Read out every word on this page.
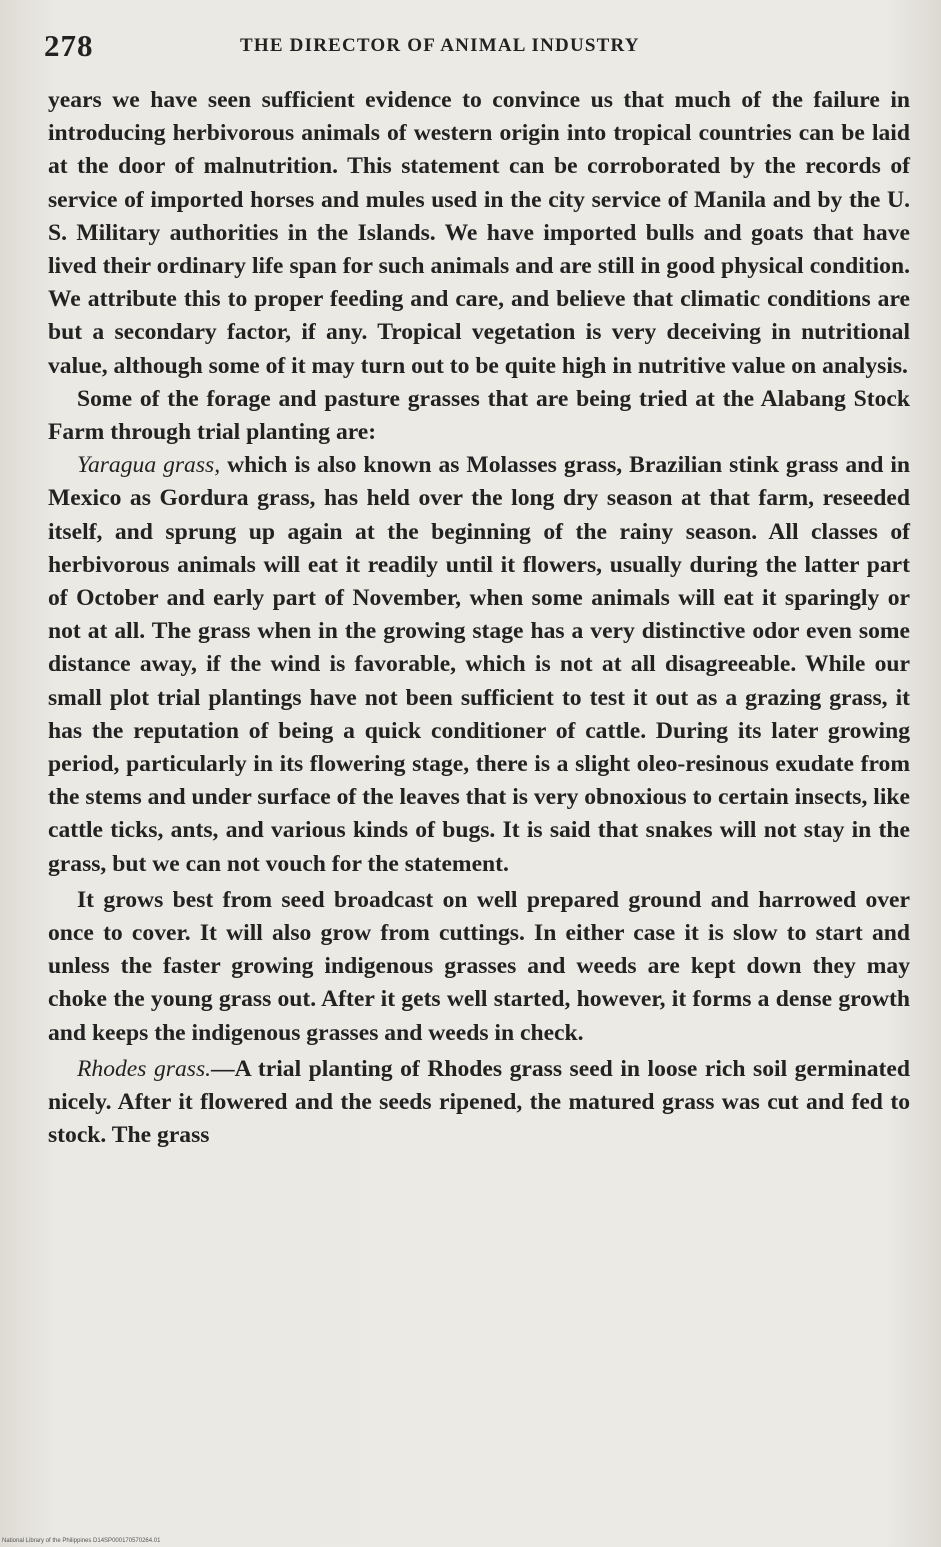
278	THE DIRECTOR OF ANIMAL INDUSTRY

years we have seen sufficient evidence to convince us that much of the failure in introducing herbivorous animals of western origin into tropical countries can be laid at the door of malnutrition. This statement can be corroborated by the records of service of imported horses and mules used in the city service of Manila and by the U. S. Military authorities in the Islands. We have imported bulls and goats that have lived their ordinary life span for such animals and are still in good physical condition. We attribute this to proper feeding and care, and believe that climatic conditions are but a secondary factor, if any. Tropical vegetation is very deceiving in nutritional value, although some of it may turn out to be quite high in nutritive value on analysis.

Some of the forage and pasture grasses that are being tried at the Alabang Stock Farm through trial planting are:

Yaragua grass, which is also known as Molasses grass, Brazilian stink grass and in Mexico as Gordura grass, has held over the long dry season at that farm, reseeded itself, and sprung up again at the beginning of the rainy season. All classes of herbivorous animals will eat it readily until it flowers, usually during the latter part of October and early part of November, when some animals will eat it sparingly or not at all. The grass when in the growing stage has a very distinctive odor even some distance away, if the wind is favorable, which is not at all disagreeable. While our small plot trial plantings have not been sufficient to test it out as a grazing grass, it has the reputation of being a quick conditioner of cattle. During its later growing period, particularly in its flowering stage, there is a slight oleo-resinous exudate from the stems and under surface of the leaves that is very obnoxious to certain insects, like cattle ticks, ants, and various kinds of bugs. It is said that snakes will not stay in the grass, but we can not vouch for the statement.

It grows best from seed broadcast on well prepared ground and harrowed over once to cover. It will also grow from cuttings. In either case it is slow to start and unless the faster growing indigenous grasses and weeds are kept down they may choke the young grass out. After it gets well started, however, it forms a dense growth and keeps the indigenous grasses and weeds in check.

Rhodes grass.—A trial planting of Rhodes grass seed in loose rich soil germinated nicely. After it flowered and the seeds ripened, the matured grass was cut and fed to stock. The grass

National Library of the Philippines D14SP000170570264.01
